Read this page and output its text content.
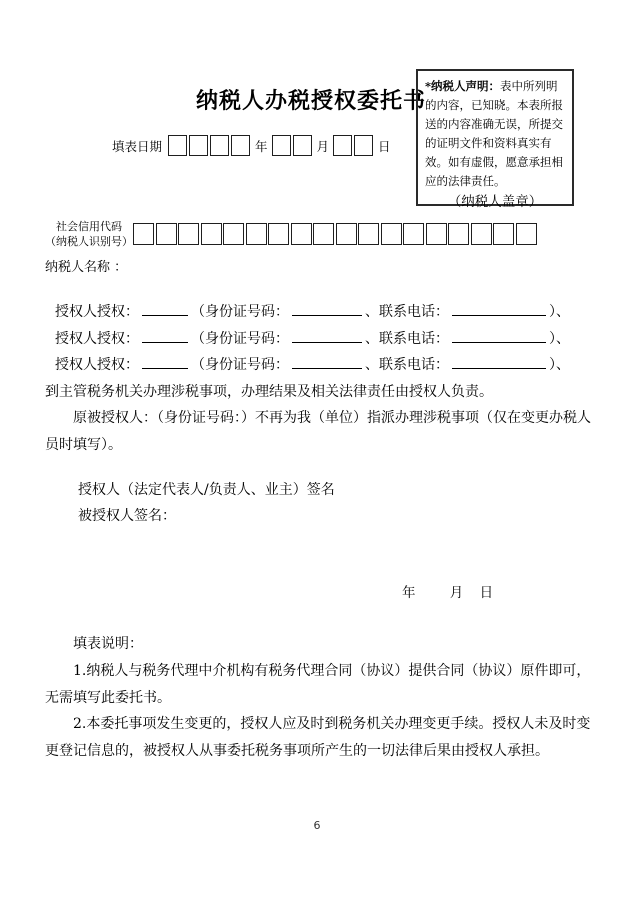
纳税人办税授权委托书
填表日期	年	月	日
*纳税人声明：表中所列明的内容，已知晓。本表所报送的内容准确无误，所提交的证明文件和资料真实有效。如有虚假，愿意承担相应的法律责任。
（纳税人盖章）
社会信用代码
（纳税人识别号）
纳税人名称 ：
授权人授权：	（身份证号码：	、联系电话：	）、
授权人授权：	（身份证号码：	、联系电话：	）、
授权人授权：	（身份证号码：	、联系电话：	）、

到主管税务机关办理涉税事项，办理结果及相关法律责任由授权人负责。

原被授权人：（身份证号码：）不再为我（单位）指派办理涉税事项（仅在变更办税人员时填写）。

授权人（法定代表人/负责人、业主）签名
被授权人签名：
年	月 日
填表说明：

1.纳税人与税务代理中介机构有税务代理合同（协议）提供合同（协议）原件即可，无需填写此委托书。

2.本委托事项发生变更的，授权人应及时到税务机关办理变更手续。授权人未及时变更登记信息的，被授权人从事委托税务事项所产生的一切法律后果由授权人承担。

6
